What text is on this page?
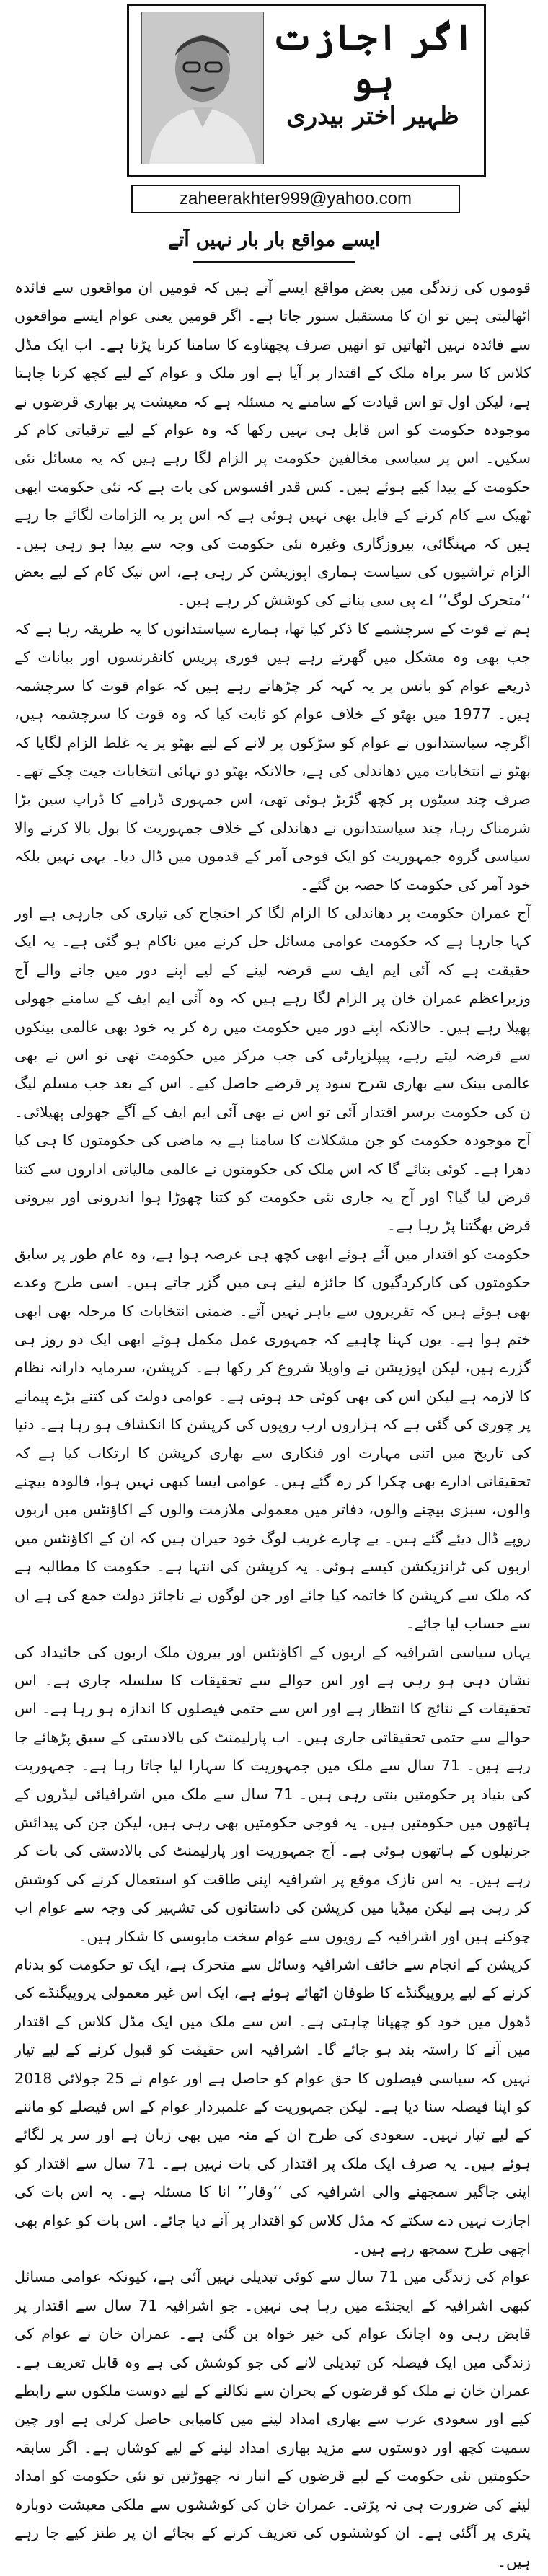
اگر اجازت ہو
ظہیر اختر بیدری
zaheerakhter999@yahoo.com
ایسے مواقع بار بار نہیں آتے

قوموں کی زندگی میں بعض مواقع ایسے آتے ہیں کہ قومیں ان مواقعوں سے فائدہ اٹھالیتی ہیں تو ان کا مستقبل سنور جاتا ہے۔ اگر قومیں یعنی عوام ایسے مواقعوں سے فائدہ نہیں اٹھاتیں تو انھیں صرف پچھتاوے کا سامنا کرنا پڑتا ہے۔ اب ایک مڈل کلاس کا سر براہ ملک کے اقتدار پر آیا ہے اور ملک و عوام کے لیے کچھ کرنا چاہتا ہے، لیکن اول تو اس قیادت کے سامنے یہ مسئلہ ہے کہ معیشت پر بھاری قرضوں نے موجودہ حکومت کو اس قابل ہی نہیں رکھا کہ وہ عوام کے لیے ترقیاتی کام کر سکیں۔ اس پر سیاسی مخالفین حکومت پر الزام لگا رہے ہیں کہ یہ مسائل نئی حکومت کے پیدا کیے ہوئے ہیں۔ کس قدر افسوس کی بات ہے کہ نئی حکومت ابھی ٹھیک سے کام کرنے کے قابل بھی نہیں ہوئی ہے کہ اس پر یہ الزامات لگائے جا رہے ہیں کہ مہنگائی، بیروزگاری وغیرہ نئی حکومت کی وجہ سے پیدا ہو رہی ہیں۔ الزام تراشیوں کی سیاست ہماری اپوزیشن کر رہی ہے، اس نیک کام کے لیے بعض ‘‘متحرک لوگ’’ اے پی سی بنانے کی کوشش کر رہے ہیں۔

ہم نے قوت کے سرچشمے کا ذکر کیا تھا، ہمارے سیاستدانوں کا یہ طریقہ رہا ہے کہ جب بھی وہ مشکل میں گھرتے رہے ہیں فوری پریس کانفرنسوں اور بیانات کے ذریعے عوام کو بانس پر یہ کہہ کر چڑھاتے رہے ہیں کہ عوام قوت کا سرچشمہ ہیں۔ 1977 میں بھٹو کے خلاف عوام کو ثابت کیا کہ وہ قوت کا سرچشمہ ہیں، اگرچہ سیاستدانوں نے عوام کو سڑکوں پر لانے کے لیے بھٹو پر یہ غلط الزام لگایا کہ بھٹو نے انتخابات میں دھاندلی کی ہے، حالانکہ بھٹو دو تہائی انتخابات جیت چکے تھے۔ صرف چند سیٹوں پر کچھ گڑبڑ ہوئی تھی، اس جمہوری ڈرامے کا ڈراپ سین بڑا شرمناک رہا، چند سیاستدانوں نے دھاندلی کے خلاف جمہوریت کا بول بالا کرنے والا سیاسی گروہ جمہوریت کو ایک فوجی آمر کے قدموں میں ڈال دیا۔ یہی نہیں بلکہ خود آمر کی حکومت کا حصہ بن گئے۔

آج عمران حکومت پر دھاندلی کا الزام لگا کر احتجاج کی تیاری کی جارہی ہے اور کہا جارہا ہے کہ حکومت عوامی مسائل حل کرنے میں ناکام ہو گئی ہے۔ یہ ایک حقیقت ہے کہ آئی ایم ایف سے قرضہ لینے کے لیے اپنے دور میں جانے والے آج وزیراعظم عمران خان پر الزام لگا رہے ہیں کہ وہ آئی ایم ایف کے سامنے جھولی پھیلا رہے ہیں۔ حالانکہ اپنے دور میں حکومت میں رہ کر یہ خود بھی عالمی بینکوں سے قرضہ لیتے رہے، پیپلزپارٹی کی جب مرکز میں حکومت تھی تو اس نے بھی عالمی بینک سے بھاری شرح سود پر قرضے حاصل کیے۔ اس کے بعد جب مسلم لیگ ن کی حکومت برسر اقتدار آئی تو اس نے بھی آئی ایم ایف کے آگے جھولی پھیلائی۔ آج موجودہ حکومت کو جن مشکلات کا سامنا ہے یہ ماضی کی حکومتوں کا ہی کیا دھرا ہے۔ کوئی بتائے گا کہ اس ملک کی حکومتوں نے عالمی مالیاتی اداروں سے کتنا قرض لیا گیا؟ اور آج یہ جاری نئی حکومت کو کتنا چھوڑا ہوا اندرونی اور بیرونی قرض بھگتنا پڑ رہا ہے۔

حکومت کو اقتدار میں آئے ہوئے ابھی کچھ ہی عرصہ ہوا ہے، وہ عام طور پر سابق حکومتوں کی کارکردگیوں کا جائزہ لینے ہی میں گزر جاتے ہیں۔ اسی طرح وعدے بھی ہوئے ہیں کہ تقریروں سے باہر نہیں آتے۔ ضمنی انتخابات کا مرحلہ بھی ابھی ختم ہوا ہے۔ یوں کہنا چاہیے کہ جمہوری عمل مکمل ہوئے ابھی ایک دو روز ہی گزرے ہیں، لیکن اپوزیشن نے واویلا شروع کر رکھا ہے۔ کرپشن، سرمایہ دارانہ نظام کا لازمہ ہے لیکن اس کی بھی کوئی حد ہوتی ہے۔ عوامی دولت کی کتنے بڑے پیمانے پر چوری کی گئی ہے کہ ہزاروں ارب روپوں کی کرپشن کا انکشاف ہو رہا ہے۔ دنیا کی تاریخ میں اتنی مہارت اور فنکاری سے بھاری کرپشن کا ارتکاب کیا ہے کہ تحقیقاتی ادارے بھی چکرا کر رہ گئے ہیں۔ عوامی ایسا کبھی نہیں ہوا، فالودہ بیچنے والوں، سبزی بیچنے والوں، دفاتر میں معمولی ملازمت والوں کے اکاؤنٹس میں اربوں روپے ڈال دیئے گئے ہیں۔ بے چارے غریب لوگ خود حیران ہیں کہ ان کے اکاؤنٹس میں اربوں کی ٹرانزیکشن کیسے ہوئی۔ یہ کرپشن کی انتہا ہے۔ حکومت کا مطالبہ ہے کہ ملک سے کرپشن کا خاتمہ کیا جائے اور جن لوگوں نے ناجائز دولت جمع کی ہے ان سے حساب لیا جائے۔

یہاں سیاسی اشرافیہ کے اربوں کے اکاؤنٹس اور بیرون ملک اربوں کی جائیداد کی نشان دہی ہو رہی ہے اور اس حوالے سے تحقیقات کا سلسلہ جاری ہے۔ اس تحقیقات کے نتائج کا انتظار ہے اور اس سے حتمی فیصلوں کا اندازہ ہو رہا ہے۔ اس حوالے سے حتمی تحقیقاتی جاری ہیں۔ اب پارلیمنٹ کی بالادستی کے سبق پڑھائے جا رہے ہیں۔ 71 سال سے ملک میں جمہوریت کا سہارا لیا جاتا رہا ہے۔ جمہوریت کی بنیاد پر حکومتیں بنتی رہی ہیں۔ 71 سال سے ملک میں اشرافیائی لیڈروں کے ہاتھوں میں حکومتیں ہیں۔ یہ فوجی حکومتیں بھی رہی ہیں، لیکن جن کی پیدائش جرنیلوں کے ہاتھوں ہوئی ہے۔ آج جمہوریت اور پارلیمنٹ کی بالادستی کی بات کر رہے ہیں۔ یہ اس نازک موقع پر اشرافیہ اپنی طاقت کو استعمال کرنے کی کوشش کر رہی ہے لیکن میڈیا میں کرپشن کی داستانوں کی تشہیر کی وجہ سے عوام اب چوکنے ہیں اور اشرافیہ کے رویوں سے عوام سخت مایوسی کا شکار ہیں۔

کرپشن کے انجام سے خائف اشرافیہ وسائل سے متحرک ہے، ایک تو حکومت کو بدنام کرنے کے لیے پروپیگنڈے کا طوفان اٹھائے ہوئے ہے، ایک اس غیر معمولی پروپیگنڈے کی ڈھول میں خود کو چھپانا چاہتی ہے۔ اس سے ملک میں ایک مڈل کلاس کے اقتدار میں آنے کا راستہ بند ہو جائے گا۔ اشرافیہ اس حقیقت کو قبول کرنے کے لیے تیار نہیں کہ سیاسی فیصلوں کا حق عوام کو حاصل ہے اور عوام نے 25 جولائی 2018 کو اپنا فیصلہ سنا دیا ہے۔ لیکن جمہوریت کے علمبردار عوام کے اس فیصلے کو ماننے کے لیے تیار نہیں۔ سعودی کی طرح ان کے منہ میں بھی زبان ہے اور سر پر لگائے ہوئے ہیں۔ یہ صرف ایک ملک پر اقتدار کی بات نہیں ہے۔ 71 سال سے اقتدار کو اپنی جاگیر سمجھنے والی اشرافیہ کی ‘‘وقار’’ انا کا مسئلہ ہے۔ یہ اس بات کی اجازت نہیں دے سکتے کہ مڈل کلاس کو اقتدار پر آنے دیا جائے۔ اس بات کو عوام بھی اچھی طرح سمجھ رہے ہیں۔

عوام کی زندگی میں 71 سال سے کوئی تبدیلی نہیں آئی ہے، کیونکہ عوامی مسائل کبھی اشرافیہ کے ایجنڈے میں رہا ہی نہیں۔ جو اشرافیہ 71 سال سے اقتدار پر قابض رہی وہ اچانک عوام کی خیر خواہ بن گئی ہے۔ عمران خان نے عوام کی زندگی میں ایک فیصلہ کن تبدیلی لانے کی جو کوشش کی ہے وہ قابل تعریف ہے۔ عمران خان نے ملک کو قرضوں کے بحران سے نکالنے کے لیے دوست ملکوں سے رابطے کیے اور سعودی عرب سے بھاری امداد لینے میں کامیابی حاصل کرلی ہے اور چین سمیت کچھ اور دوستوں سے مزید بھاری امداد لینے کے لیے کوشاں ہے۔ اگر سابقہ حکومتیں نئی حکومت کے لیے قرضوں کے انبار نہ چھوڑتیں تو نئی حکومت کو امداد لینے کی ضرورت ہی نہ پڑتی۔ عمران خان کی کوششوں سے ملکی معیشت دوبارہ پٹری پر آگئی ہے۔ ان کوششوں کی تعریف کرنے کے بجائے ان پر طنز کیے جا رہے ہیں۔
